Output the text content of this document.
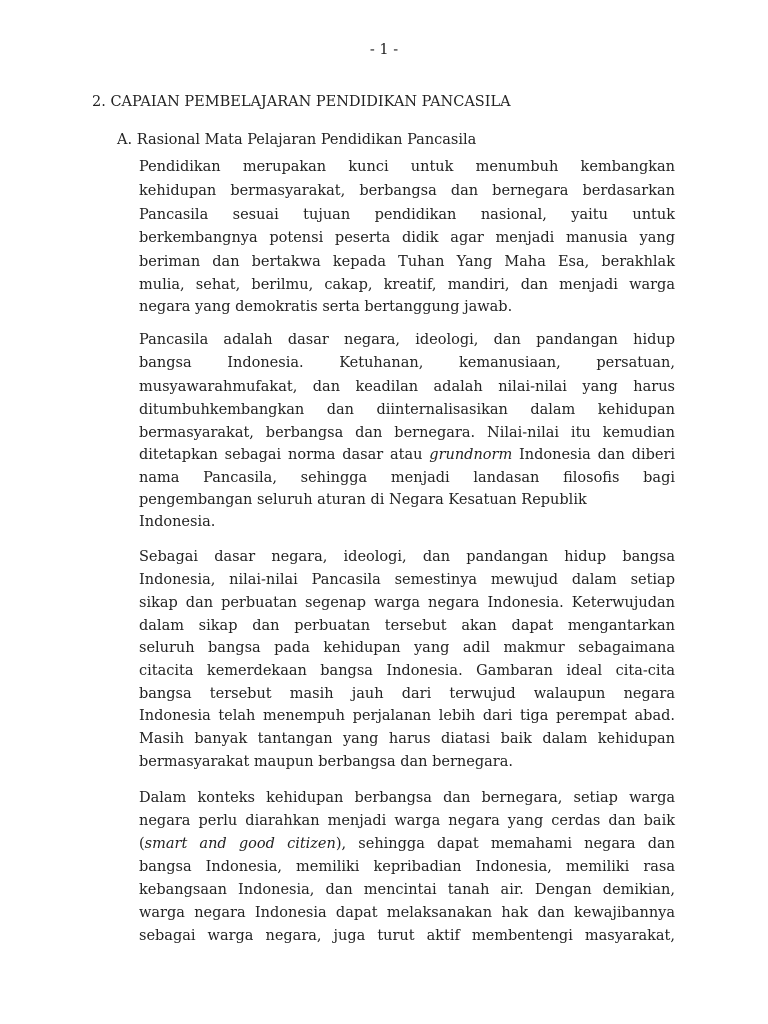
- 1 -
2. CAPAIAN PEMBELAJARAN PENDIDIKAN PANCASILA
A. Rasional Mata Pelajaran Pendidikan Pancasila
Pendidikan merupakan kunci untuk menumbuh kembangkan
kehidupan bermasyarakat, berbangsa dan bernegara berdasarkan
Pancasila sesuai tujuan pendidikan nasional, yaitu untuk
berkembangnya potensi peserta didik agar menjadi manusia yang
beriman dan bertakwa kepada Tuhan Yang Maha Esa, berakhlak
mulia, sehat, berilmu, cakap, kreatif, mandiri, dan menjadi warga
negara yang demokratis serta bertanggung jawab.
Pancasila adalah dasar negara, ideologi, dan pandangan hidup
bangsa Indonesia. Ketuhanan, kemanusiaan, persatuan,
musyawarahmufakat, dan keadilan adalah nilai-nilai yang harus
ditumbuhkembangkan dan diinternalisasikan dalam kehidupan
bermasyarakat, berbangsa dan bernegara. Nilai-nilai itu kemudian
ditetapkan sebagai norma dasar atau grundnorm Indonesia dan diberi
nama Pancasila, sehingga menjadi landasan filosofis bagi
pengembangan seluruh aturan di Negara Kesatuan Republik
Indonesia.
Sebagai dasar negara, ideologi, dan pandangan hidup bangsa
Indonesia, nilai-nilai Pancasila semestinya mewujud dalam setiap
sikap dan perbuatan segenap warga negara Indonesia. Keterwujudan
dalam sikap dan perbuatan tersebut akan dapat mengantarkan
seluruh bangsa pada kehidupan yang adil makmur sebagaimana
citacita kemerdekaan bangsa Indonesia. Gambaran ideal cita-cita
bangsa tersebut masih jauh dari terwujud walaupun negara
Indonesia telah menempuh perjalanan lebih dari tiga perempat abad.
Masih banyak tantangan yang harus diatasi baik dalam kehidupan
bermasyarakat maupun berbangsa dan bernegara.
Dalam konteks kehidupan berbangsa dan bernegara, setiap warga
negara perlu diarahkan menjadi warga negara yang cerdas dan baik
(smart and good citizen), sehingga dapat memahami negara dan
bangsa Indonesia, memiliki kepribadian Indonesia, memiliki rasa
kebangsaan Indonesia, dan mencintai tanah air. Dengan demikian,
warga negara Indonesia dapat melaksanakan hak dan kewajibannya
sebagai warga negara, juga turut aktif membentengi masyarakat,
